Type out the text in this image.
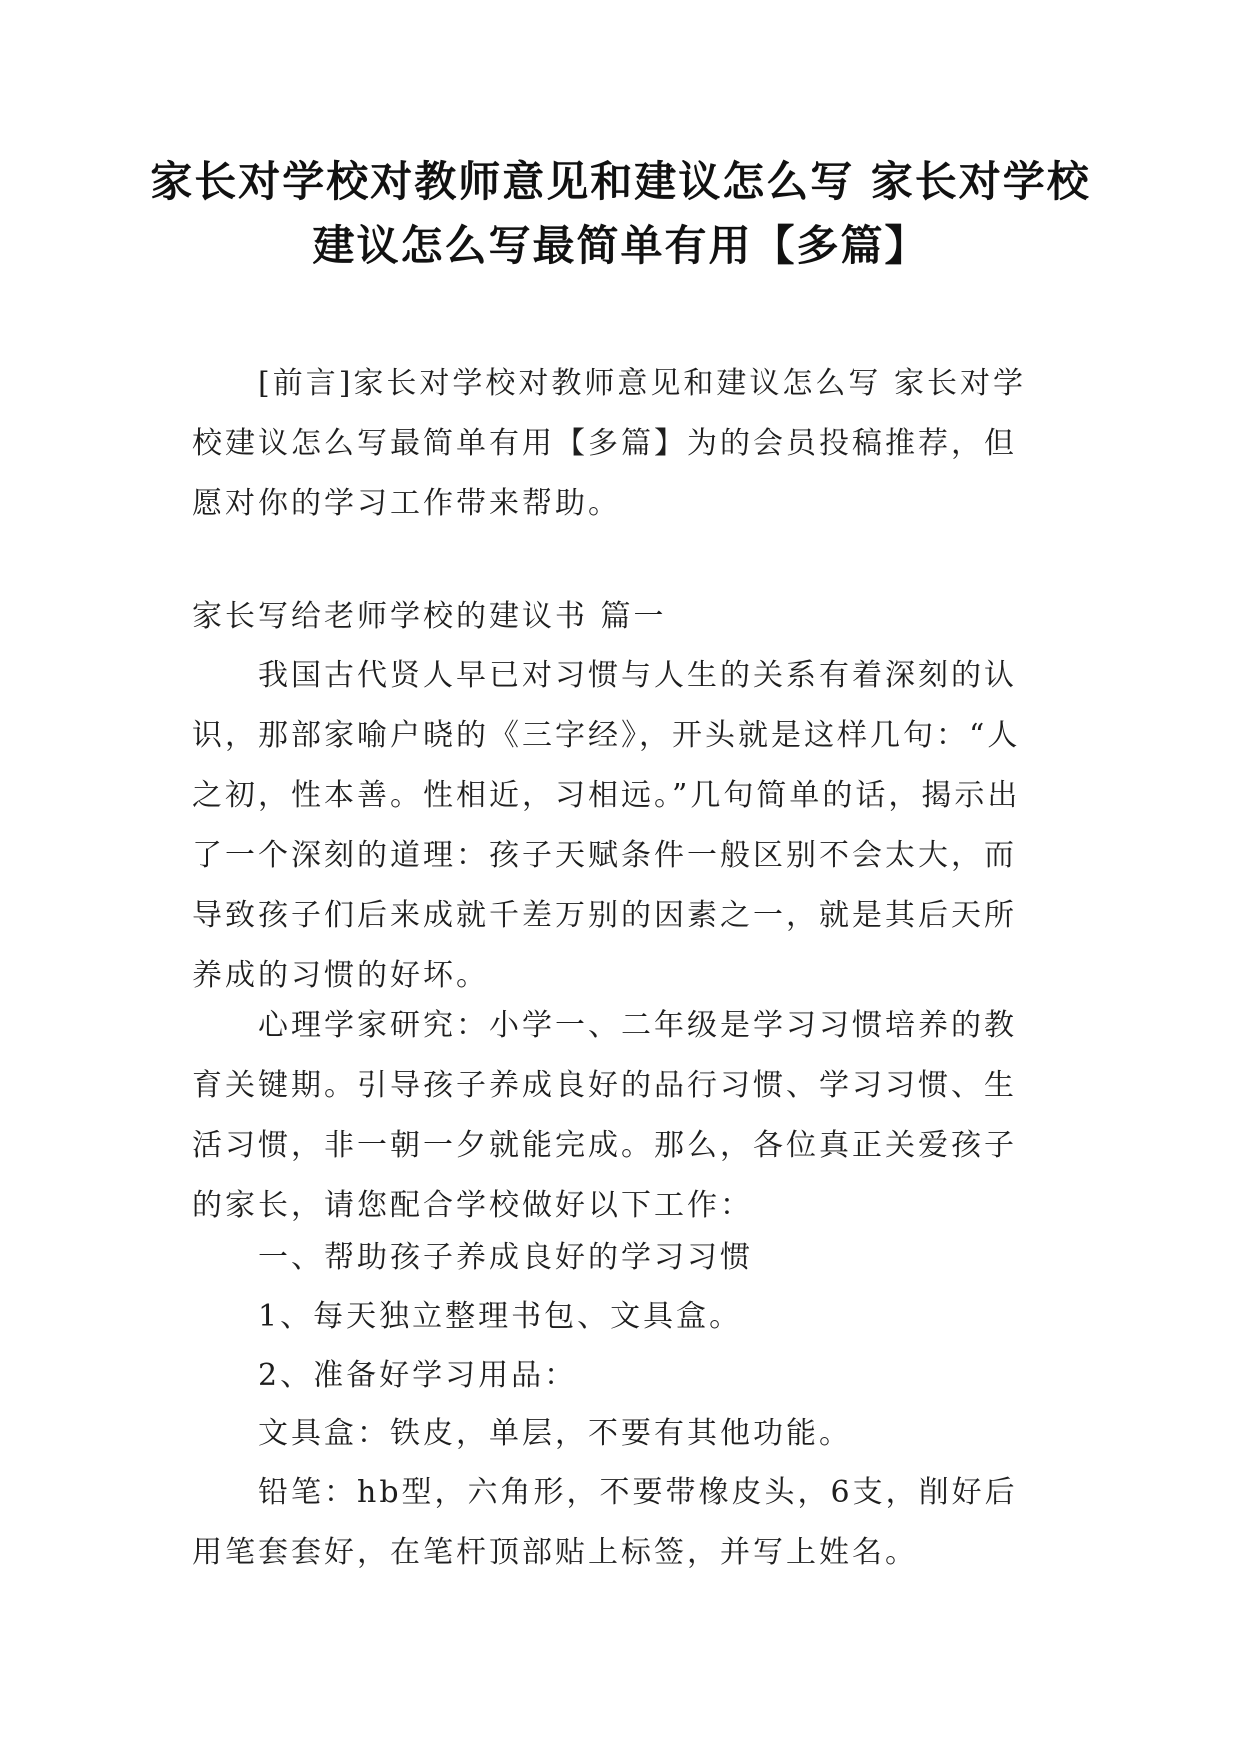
家长对学校对教师意见和建议怎么写 家长对学校建议怎么写最简单有用【多篇】

[前言]家长对学校对教师意见和建议怎么写 家长对学校建议怎么写最简单有用【多篇】为的会员投稿推荐，但愿对你的学习工作带来帮助。

家长写给老师学校的建议书 篇一

我国古代贤人早已对习惯与人生的关系有着深刻的认识，那部家喻户晓的《三字经》，开头就是这样几句：“人之初，性本善。性相近，习相远。”几句简单的话，揭示出了一个深刻的道理：孩子天赋条件一般区别不会太大，而导致孩子们后来成就千差万别的因素之一，就是其后天所养成的习惯的好坏。

心理学家研究：小学一、二年级是学习习惯培养的教育关键期。引导孩子养成良好的品行习惯、学习习惯、生活习惯，非一朝一夕就能完成。那么，各位真正关爱孩子的家长，请您配合学校做好以下工作：

一、帮助孩子养成良好的学习习惯

1、每天独立整理书包、文具盒。

2、准备好学习用品：

文具盒：铁皮，单层，不要有其他功能。

铅笔：hb型，六角形，不要带橡皮头，6支，削好后用笔套套好，在笔杆顶部贴上标签，并写上姓名。
